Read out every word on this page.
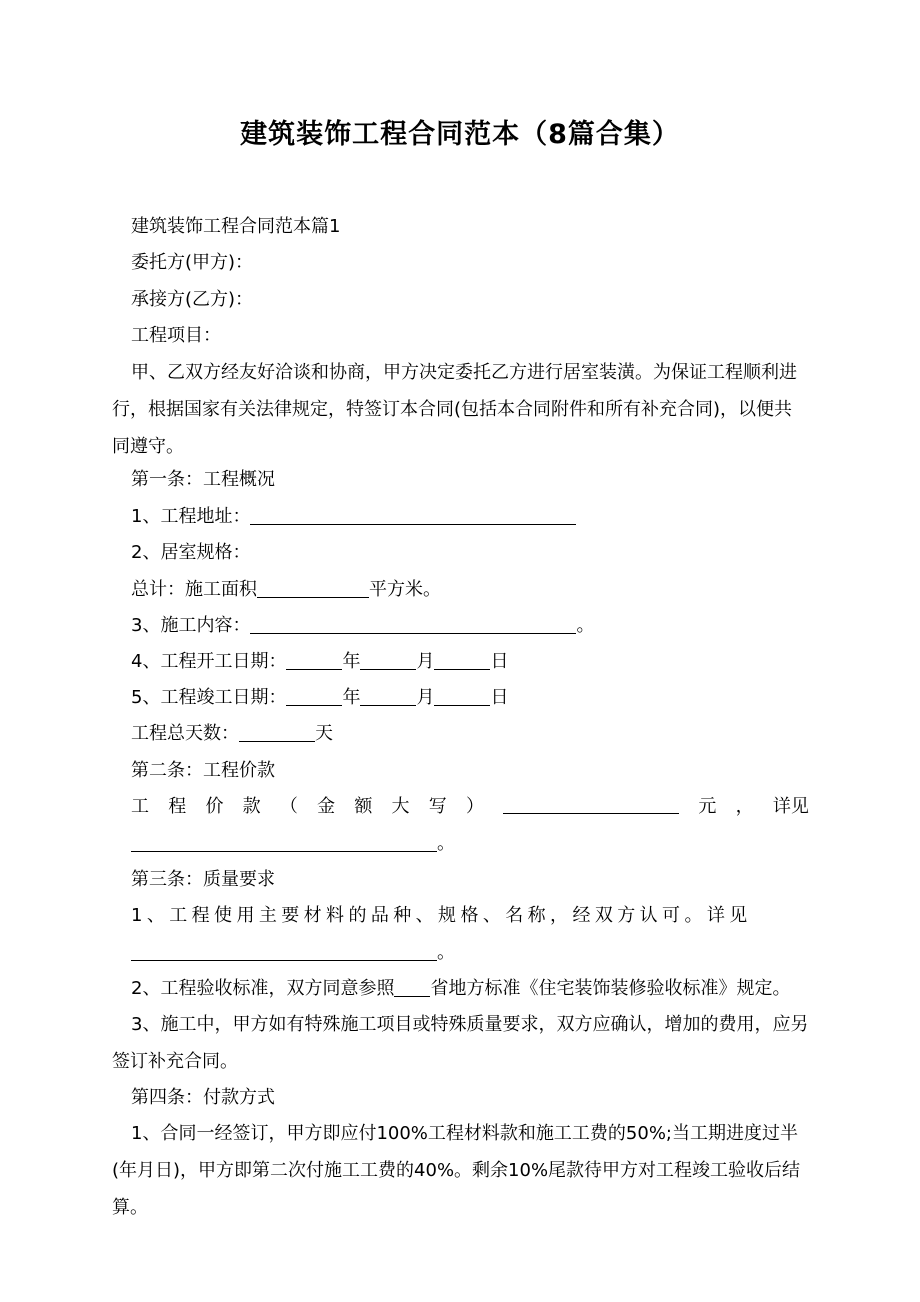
建筑装饰工程合同范本（8篇合集）
建筑装饰工程合同范本篇1
委托方(甲方)：
承接方(乙方)：
工程项目：
甲、乙双方经友好洽谈和协商，甲方决定委托乙方进行居室装潢。为保证工程顺利进行，根据国家有关法律规定，特签订本合同(包括本合同附件和所有补充合同)，以便共同遵守。
第一条：工程概况
1、工程地址：
2、居室规格：
总计：施工面积	平方米。
3、施工内容：	。
4、工程开工日期：	年	月	日
5、工程竣工日期：	年	月	日
工程总天数：	天
第二条：工程价款
工 程 价 款 （ 金 额 大 写 ）	元 ， 详见
。
第三条：质量要求
1、工程使用主要材料的品种、规格、名称，经双方认可。详见
。
2、工程验收标准，双方同意参照 省地方标准《住宅装饰装修验收标准》规定。
3、施工中，甲方如有特殊施工项目或特殊质量要求，双方应确认，增加的费用，应另签订补充合同。
第四条：付款方式
1、合同一经签订，甲方即应付100%工程材料款和施工工费的50%;当工期进度过半(年月日)，甲方即第二次付施工工费的40%。剩余10%尾款待甲方对工程竣工验收后结算。
